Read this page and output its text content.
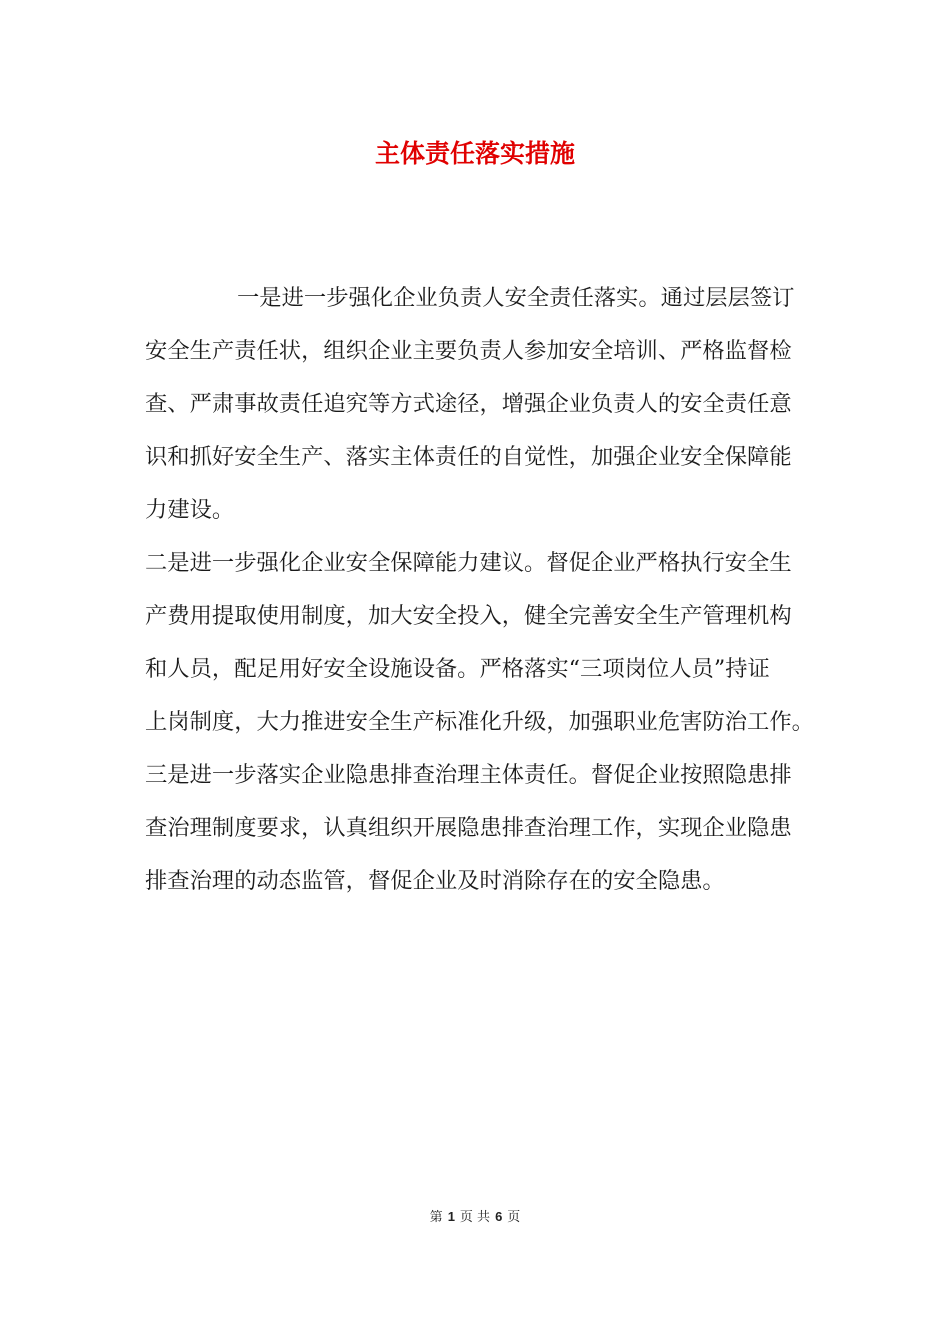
主体责任落实措施
一是进一步强化企业负责人安全责任落实。通过层层签订
安全生产责任状，组织企业主要负责人参加安全培训、严格监督检
查、严肃事故责任追究等方式途径，增强企业负责人的安全责任意
识和抓好安全生产、落实主体责任的自觉性，加强企业安全保障能
力建设。
二是进一步强化企业安全保障能力建议。督促企业严格执行安全生
产费用提取使用制度，加大安全投入，健全完善安全生产管理机构
和人员，配足用好安全设施设备。严格落实“三项岗位人员”持证
上岗制度，大力推进安全生产标准化升级，加强职业危害防治工作。
三是进一步落实企业隐患排查治理主体责任。督促企业按照隐患排
查治理制度要求，认真组织开展隐患排查治理工作，实现企业隐患
排查治理的动态监管，督促企业及时消除存在的安全隐患。
第 1 页 共 6 页
